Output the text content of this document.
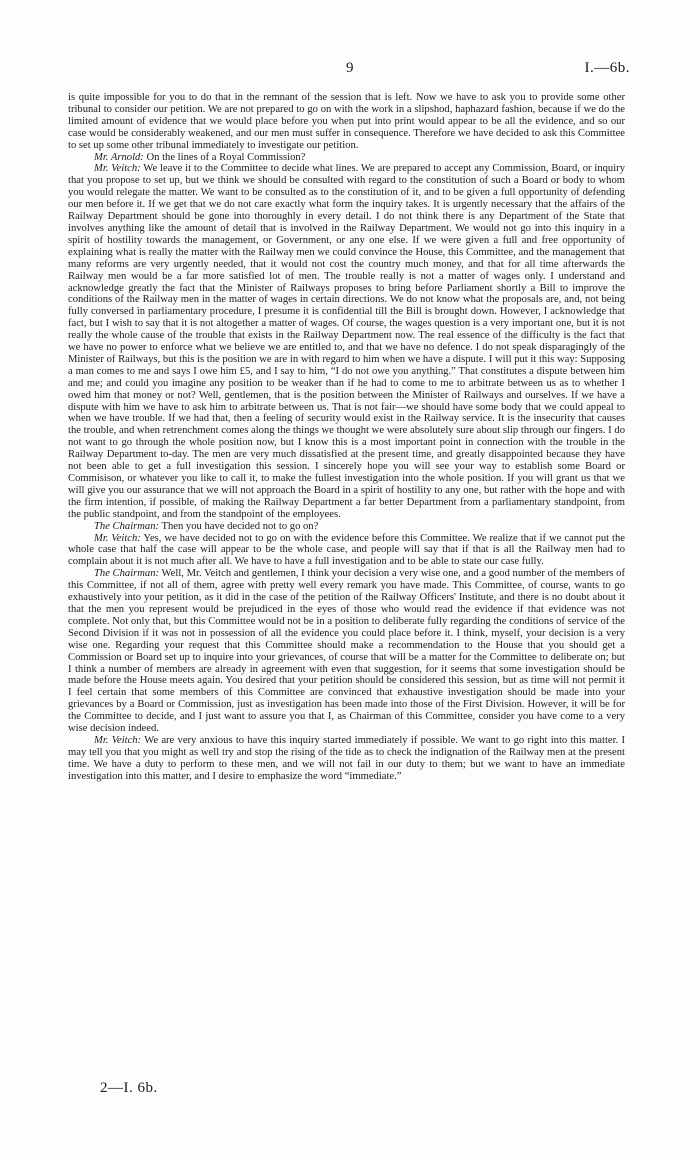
9	I.—6b.

is quite impossible for you to do that in the remnant of the session that is left. Now we have to ask you to provide some other tribunal to consider our petition. We are not prepared to go on with the work in a slipshod, haphazard fashion, because if we do the limited amount of evidence that we would place before you when put into print would appear to be all the evidence, and so our case would be considerably weakened, and our men must suffer in consequence. Therefore we have decided to ask this Committee to set up some other tribunal immediately to investigate our petition.

Mr. Arnold: On the lines of a Royal Commission?

Mr. Veitch: We leave it to the Committee to decide what lines. We are prepared to accept any Commission, Board, or inquiry that you propose to set up, but we think we should be consulted with regard to the constitution of such a Board or body to whom you would relegate the matter. We want to be consulted as to the constitution of it, and to be given a full opportunity of defending our men before it. If we get that we do not care exactly what form the inquiry takes. It is urgently necessary that the affairs of the Railway Department should be gone into thoroughly in every detail. I do not think there is any Department of the State that involves anything like the amount of detail that is involved in the Railway Department. We would not go into this inquiry in a spirit of hostility towards the management, or Government, or any one else. If we were given a full and free opportunity of explaining what is really the matter with the Railway men we could convince the House, this Committee, and the management that many reforms are very urgently needed, that it would not cost the country much money, and that for all time afterwards the Railway men would be a far more satisfied lot of men. The trouble really is not a matter of wages only. I understand and acknowledge greatly the fact that the Minister of Railways proposes to bring before Parliament shortly a Bill to improve the conditions of the Railway men in the matter of wages in certain directions. We do not know what the proposals are, and, not being fully conversed in parliamentary procedure, I presume it is confidential till the Bill is brought down. However, I acknowledge that fact, but I wish to say that it is not altogether a matter of wages. Of course, the wages question is a very important one, but it is not really the whole cause of the trouble that exists in the Railway Department now. The real essence of the difficulty is the fact that we have no power to enforce what we believe we are entitled to, and that we have no defence. I do not speak disparagingly of the Minister of Railways, but this is the position we are in with regard to him when we have a dispute. I will put it this way: Supposing a man comes to me and says I owe him £5, and I say to him, “I do not owe you anything.” That constitutes a dispute between him and me; and could you imagine any position to be weaker than if he had to come to me to arbitrate between us as to whether I owed him that money or not? Well, gentlemen, that is the position between the Minister of Railways and ourselves. If we have a dispute with him we have to ask him to arbitrate between us. That is not fair—we should have some body that we could appeal to when we have trouble. If we had that, then a feeling of security would exist in the Railway service. It is the insecurity that causes the trouble, and when retrenchment comes along the things we thought we were absolutely sure about slip through our fingers. I do not want to go through the whole position now, but I know this is a most important point in connection with the trouble in the Railway Department to-day. The men are very much dissatisfied at the present time, and greatly disappointed because they have not been able to get a full investigation this session. I sincerely hope you will see your way to establish some Board or Commisison, or whatever you like to call it, to make the fullest investigation into the whole position. If you will grant us that we will give you our assurance that we will not approach the Board in a spirit of hostility to any one, but rather with the hope and with the firm intention, if possible, of making the Railway Department a far better Department from a parliamentary standpoint, from the public standpoint, and from the standpoint of the employees.

The Chairman: Then you have decided not to go on?

Mr. Veitch: Yes, we have decided not to go on with the evidence before this Committee. We realize that if we cannot put the whole case that half the case will appear to be the whole case, and people will say that if that is all the Railway men had to complain about it is not much after all. We have to have a full investigation and to be able to state our case fully.

The Chairman: Well, Mr. Veitch and gentlemen, I think your decision a very wise one, and a good number of the members of this Committee, if not all of them, agree with pretty well every remark you have made. This Committee, of course, wants to go exhaustively into your petition, as it did in the case of the petition of the Railway Officers' Institute, and there is no doubt about it that the men you represent would be prejudiced in the eyes of those who would read the evidence if that evidence was not complete. Not only that, but this Committee would not be in a position to deliberate fully regarding the conditions of service of the Second Division if it was not in possession of all the evidence you could place before it. I think, myself, your decision is a very wise one. Regarding your request that this Committee should make a recommendation to the House that you should get a Commission or Board set up to inquire into your grievances, of course that will be a matter for the Committee to deliberate on; but I think a number of members are already in agreement with even that suggestion, for it seems that some investigation should be made before the House meets again. You desired that your petition should be considered this session, but as time will not permit it I feel certain that some members of this Committee are convinced that exhaustive investigation should be made into your grievances by a Board or Commission, just as investigation has been made into those of the First Division. However, it will be for the Committee to decide, and I just want to assure you that I, as Chairman of this Committee, consider you have come to a very wise decision indeed.

Mr. Veitch: We are very anxious to have this inquiry started immediately if possible. We want to go right into this matter. I may tell you that you might as well try and stop the rising of the tide as to check the indignation of the Railway men at the present time. We have a duty to perform to these men, and we will not fail in our duty to them; but we want to have an immediate investigation into this matter, and I desire to emphasize the word “immediate.”

2—I. 6b.
